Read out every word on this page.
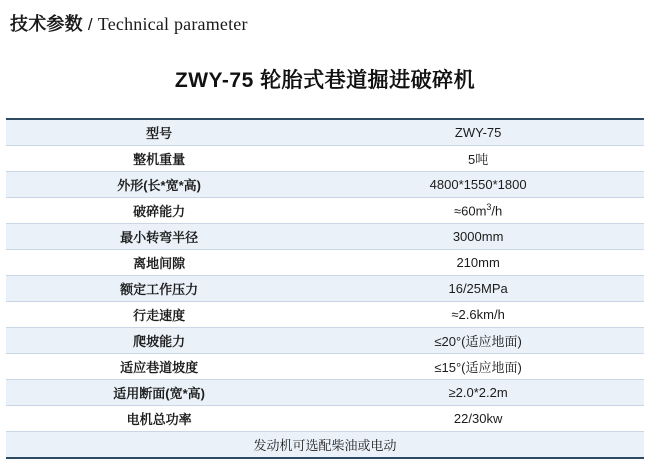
技术参数 / Technical parameter
ZWY-75 轮胎式巷道掘进破碎机
型号	ZWY-75
整机重量	5吨
外形(长*宽*高)	4800*1550*1800
破碎能力	$\approx 60m^3/h$
最小转弯半径	3000mm
离地间隙	210mm
额定工作压力	16/25MPa
行走速度	≈2.6km/h
爬坡能力	≤20°(适应地面)
适应巷道坡度	≤15°(适应地面)
适用断面(宽*高)	≥2.0*2.2m
电机总功率	22/30kw
发动机可选配柴油或电动	
